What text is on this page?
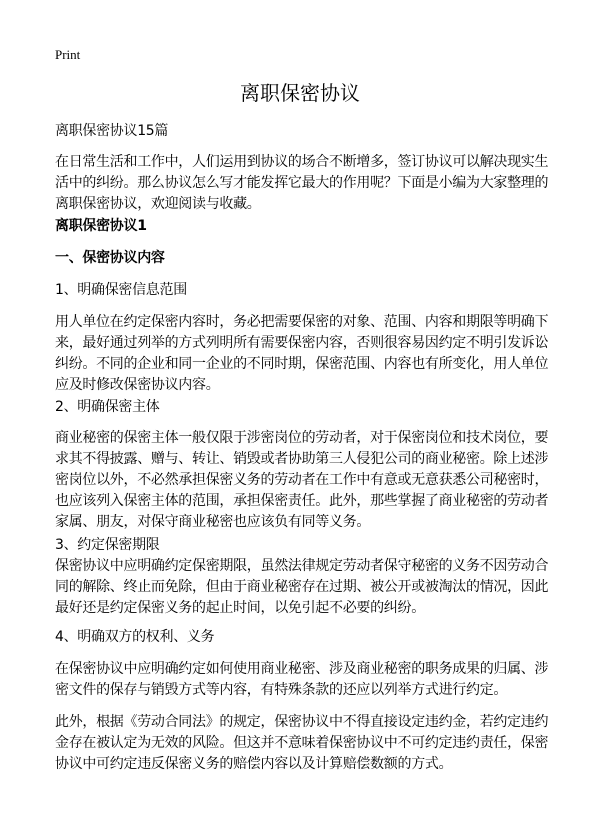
Print
离职保密协议

离职保密协议15篇

在日常生活和工作中，人们运用到协议的场合不断增多，签订协议可以解决现实生活中的纠纷。那么协议怎么写才能发挥它最大的作用呢？下面是小编为大家整理的离职保密协议，欢迎阅读与收藏。

离职保密协议1

一、保密协议内容

1、明确保密信息范围

用人单位在约定保密内容时，务必把需要保密的对象、范围、内容和期限等明确下来，最好通过列举的方式列明所有需要保密内容，否则很容易因约定不明引发诉讼纠纷。不同的企业和同一企业的不同时期，保密范围、内容也有所变化，用人单位应及时修改保密协议内容。

2、明确保密主体

商业秘密的保密主体一般仅限于涉密岗位的劳动者，对于保密岗位和技术岗位，要求其不得披露、赠与、转让、销毁或者协助第三人侵犯公司的商业秘密。除上述涉密岗位以外，不必然承担保密义务的劳动者在工作中有意或无意获悉公司秘密时，也应该列入保密主体的范围，承担保密责任。此外，那些掌握了商业秘密的劳动者家属、朋友，对保守商业秘密也应该负有同等义务。

3、约定保密期限

保密协议中应明确约定保密期限，虽然法律规定劳动者保守秘密的义务不因劳动合同的解除、终止而免除，但由于商业秘密存在过期、被公开或被淘汰的情况，因此最好还是约定保密义务的起止时间，以免引起不必要的纠纷。

4、明确双方的权利、义务

在保密协议中应明确约定如何使用商业秘密、涉及商业秘密的职务成果的归属、涉密文件的保存与销毁方式等内容，有特殊条款的还应以列举方式进行约定。

此外，根据《劳动合同法》的规定，保密协议中不得直接设定违约金，若约定违约金存在被认定为无效的风险。但这并不意味着保密协议中不可约定违约责任，保密协议中可约定违反保密义务的赔偿内容以及计算赔偿数额的方式。
